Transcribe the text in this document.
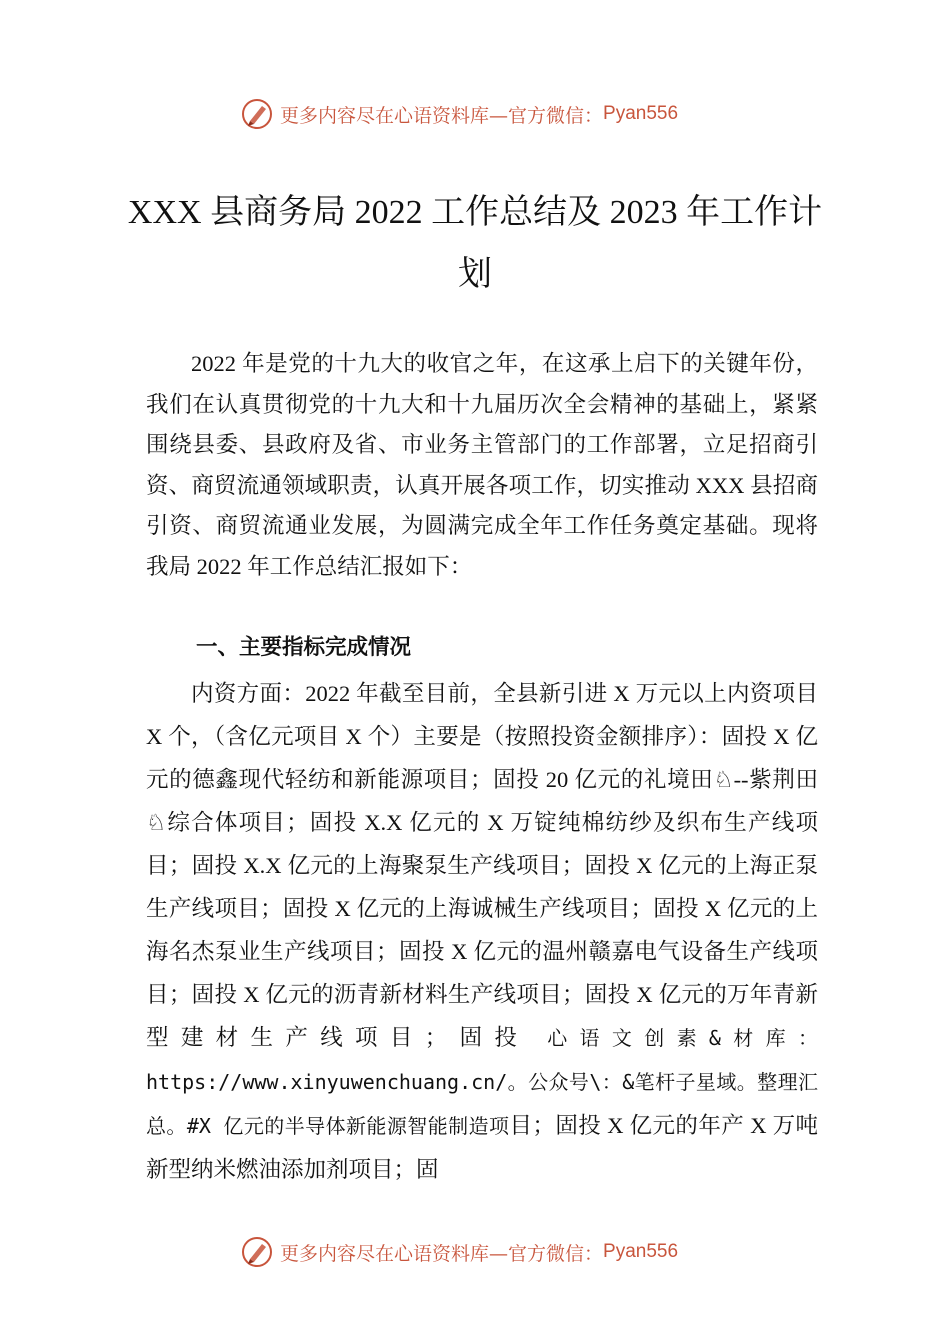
更多内容尽在心语资料库—官方微信： Pyan556
XXX 县商务局 2022 工作总结及 2023 年工作计划
2022 年是党的十九大的收官之年，在这承上启下的关键年份，我们在认真贯彻党的十九大和十九届历次全会精神的基础上，紧紧围绕县委、县政府及省、市业务主管部门的工作部署，立足招商引资、商贸流通领域职责，认真开展各项工作，切实推动 XXX 县招商引资、商贸流通业发展，为圆满完成全年工作任务奠定基础。现将我局 2022 年工作总结汇报如下：
一、主要指标完成情况
内资方面：2022 年截至目前，全县新引进 X 万元以上内资项目 X 个，（含亿元项目 X 个）主要是（按照投资金额排序）：固投 X 亿元的德鑫现代轻纺和新能源项目；固投 20 亿元的礼境田♘--紫荆田♘综合体项目；固投 X.X 亿元的 X 万锭纯棉纺纱及织布生产线项目；固投 X.X 亿元的上海聚泵生产线项目；固投 X 亿元的上海正泵生产线项目；固投 X 亿元的上海诚械生产线项目；固投 X 亿元的上海名杰泵业生产线项目；固投 X 亿元的温州赣嘉电气设备生产线项目；固投 X 亿元的沥青新材料生产线项目；固投 X 亿元的万年青新型建材生产线项目；固投 心语文创素&材库：https://www.xinyuwenchuang.cn/。公众号\：&笔杆子星域。整理汇总。#X 亿元的半导体新能源智能制造项目；固投 X 亿元的年产 X 万吨新型纳米燃油添加剂项目；固
更多内容尽在心语资料库—官方微信： Pyan556
